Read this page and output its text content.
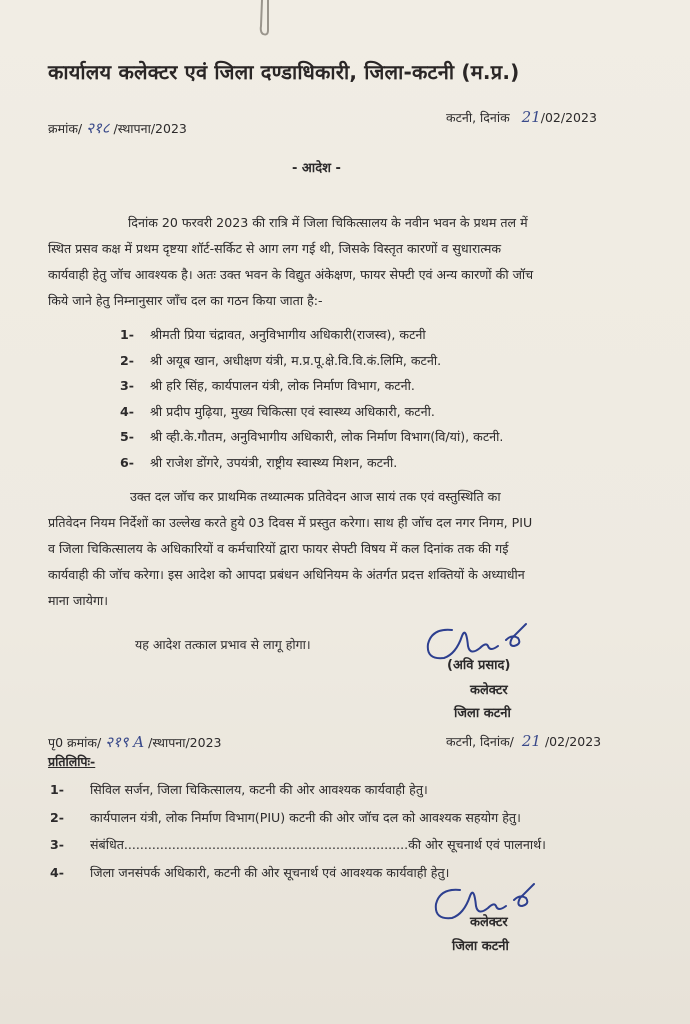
कार्यालय कलेक्टर एवं जिला दण्डाधिकारी, जिला-कटनी (म.प्र.)
क्रमांक/ २१८ /स्थापना/2023
कटनी, दिनांक 21/02/2023
- आदेश -
दिनांक 20 फरवरी 2023 की रात्रि में जिला चिकित्सालय के नवीन भवन के प्रथम तल में
स्थित प्रसव कक्ष में प्रथम दृष्टया शॉर्ट-सर्किट से आग लग गई थी, जिसके विस्तृत कारणों व सुधारात्मक
कार्यवाही हेतु जॉच आवश्यक है। अतः उक्त भवन के विद्युत अंकेक्षण, फायर सेफ्टी एवं अन्य कारणों की जॉच
किये जाने हेतु निम्नानुसार जाँच दल का गठन किया जाता है:-
1- श्रीमती प्रिया चंद्रावत, अनुविभागीय अधिकारी(राजस्व), कटनी
2- श्री अयूब खान, अधीक्षण यंत्री, म.प्र.पू.क्षे.वि.वि.कं.लिमि, कटनी.
3- श्री हरि सिंह, कार्यपालन यंत्री, लोक निर्माण विभाग, कटनी.
4- श्री प्रदीप मुढ़िया, मुख्य चिकित्सा एवं स्वास्थ्य अधिकारी, कटनी.
5- श्री व्ही.के.गौतम, अनुविभागीय अधिकारी, लोक निर्माण विभाग(वि/यां), कटनी.
6- श्री राजेश डोंगरे, उपयंत्री, राष्ट्रीय स्वास्थ्य मिशन, कटनी.
उक्त दल जॉच कर प्राथमिक तथ्यात्मक प्रतिवेदन आज सायं तक एवं वस्तुस्थिति का
प्रतिवेदन नियम निर्देशों का उल्लेख करते हुये 03 दिवस में प्रस्तुत करेगा। साथ ही जॉच दल नगर निगम, PIU
व जिला चिकित्सालय के अधिकारियों व कर्मचारियों द्वारा फायर सेफ्टी विषय में कल दिनांक तक की गई
कार्यवाही की जॉच करेगा। इस आदेश को आपदा प्रबंधन अधिनियम के अंतर्गत प्रदत्त शक्तियों के अध्याधीन
माना जायेगा।
यह आदेश तत्काल प्रभाव से लागू होगा।
(अवि प्रसाद)
कलेक्टर
जिला कटनी
पृ0 क्रमांक/ २१९ A /स्थापना/2023	कटनी, दिनांक/ 21 /02/2023
प्रतिलिपिः-
1- सिविल सर्जन, जिला चिकित्सालय, कटनी की ओर आवश्यक कार्यवाही हेतु।
2- कार्यपालन यंत्री, लोक निर्माण विभाग(PIU) कटनी की ओर जॉच दल को आवश्यक सहयोग हेतु।
3- संबंधित.......................................................................की ओर सूचनार्थ एवं पालनार्थ।
4- जिला जनसंपर्क अधिकारी, कटनी की ओर सूचनार्थ एवं आवश्यक कार्यवाही हेतु।
कलेक्टर
जिला कटनी
